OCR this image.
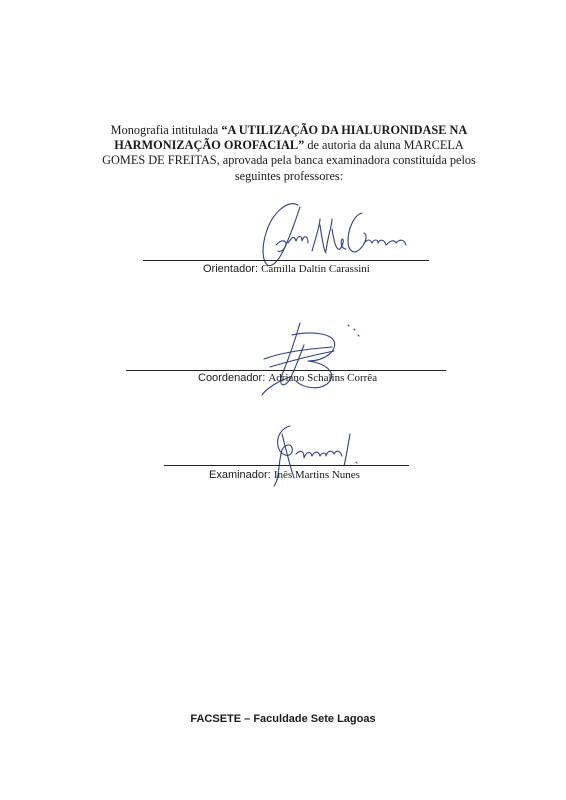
Monografia intitulada “A UTILIZAÇÃO DA HIALURONIDASE NA HARMONIZAÇÃO OROFACIAL” de autoria da aluna MARCELA GOMES DE FREITAS, aprovada pela banca examinadora constituída pelos seguintes professores:

Orientador: Camilla Daltin Carassini
Coordenador: Adriano Schalins Corrêa
Examinador: Inês Martins Nunes
FACSETE – Faculdade Sete Lagoas
